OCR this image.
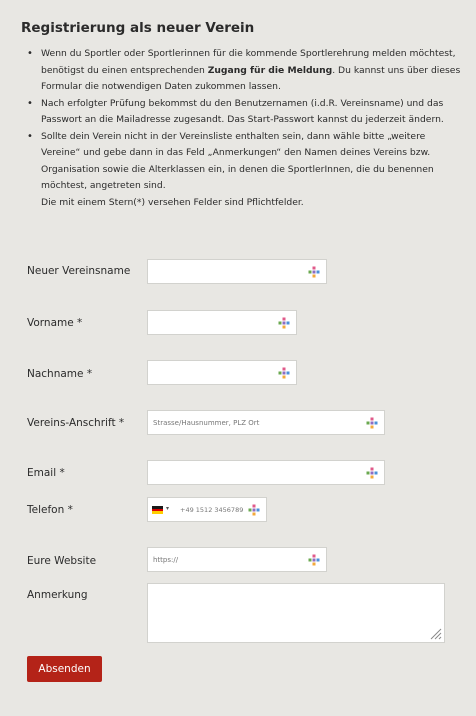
Registrierung als neuer Verein
• Wenn du Sportler oder Sportlerinnen für die kommende Sportlerehrung melden möchtest, benötigst du einen entsprechenden Zugang für die Meldung. Du kannst uns über dieses Formular die notwendigen Daten zukommen lassen.
• Nach erfolgter Prüfung bekommst du den Benutzernamen (i.d.R. Vereinsname) und das Passwort an die Mailadresse zugesandt. Das Start-Passwort kannst du jederzeit ändern.
• Sollte dein Verein nicht in der Vereinsliste enthalten sein, dann wähle bitte „weitere Vereine“ und gebe dann in das Feld „Anmerkungen“ den Namen deines Vereins bzw. Organisation sowie die Alterklassen ein, in denen die SportlerInnen, die du benennen möchtest, angetreten sind.
Die mit einem Stern(*) versehen Felder sind Pflichtfelder.
Neuer Vereinsname
Vorname *
Nachname *
Vereins-Anschrift *	Strasse/Hausnummer, PLZ Ort
Email *
Telefon *	▾ +49 1512 3456789
Eure Website	https://
Anmerkung
Absenden
